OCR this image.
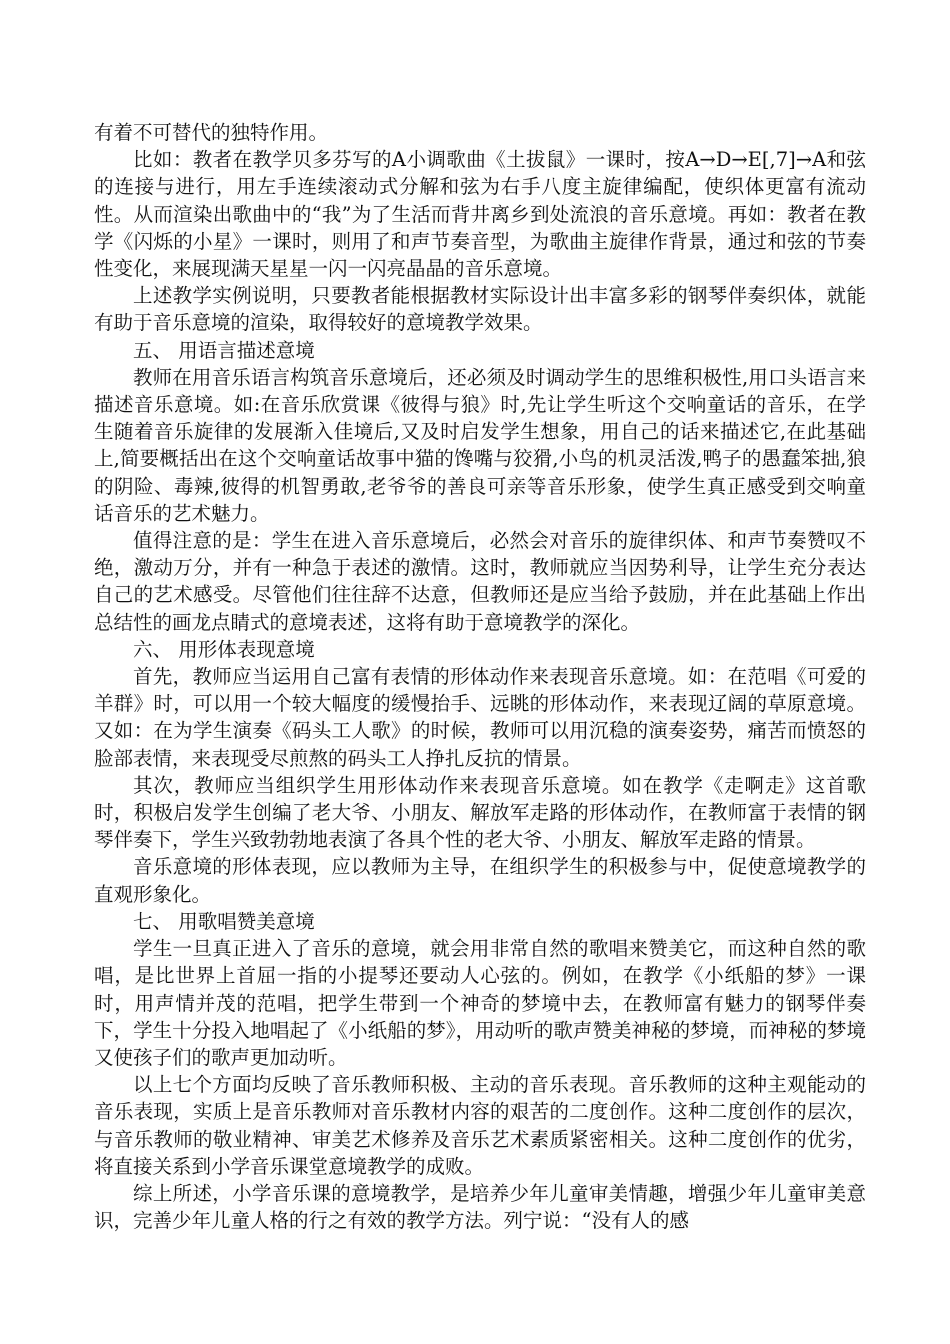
有着不可替代的独特作用。

比如：教者在教学贝多芬写的A小调歌曲《土拔鼠》一课时，按A→D→E[,7]→A和弦的连接与进行，用左手连续滚动式分解和弦为右手八度主旋律编配，使织体更富有流动性。从而渲染出歌曲中的“我”为了生活而背井离乡到处流浪的音乐意境。再如：教者在教学《闪烁的小星》一课时，则用了和声节奏音型，为歌曲主旋律作背景，通过和弦的节奏性变化，来展现满天星星一闪一闪亮晶晶的音乐意境。

上述教学实例说明，只要教者能根据教材实际设计出丰富多彩的钢琴伴奏织体，就能有助于音乐意境的渲染，取得较好的意境教学效果。

五、 用语言描述意境

教师在用音乐语言构筑音乐意境后，还必须及时调动学生的思维积极性,用口头语言来描述音乐意境。如:在音乐欣赏课《彼得与狼》时,先让学生听这个交响童话的音乐，在学生随着音乐旋律的发展渐入佳境后,又及时启发学生想象，用自己的话来描述它,在此基础上,简要概括出在这个交响童话故事中猫的馋嘴与狡猾,小鸟的机灵活泼,鸭子的愚蠢笨拙,狼的阴险、毒辣,彼得的机智勇敢,老爷爷的善良可亲等音乐形象，使学生真正感受到交响童话音乐的艺术魅力。

值得注意的是：学生在进入音乐意境后，必然会对音乐的旋律织体、和声节奏赞叹不绝，激动万分，并有一种急于表述的激情。这时，教师就应当因势利导，让学生充分表达自己的艺术感受。尽管他们往往辞不达意，但教师还是应当给予鼓励，并在此基础上作出总结性的画龙点睛式的意境表述，这将有助于意境教学的深化。

六、 用形体表现意境

首先，教师应当运用自己富有表情的形体动作来表现音乐意境。如：在范唱《可爱的羊群》时，可以用一个较大幅度的缓慢抬手、远眺的形体动作，来表现辽阔的草原意境。又如：在为学生演奏《码头工人歌》的时候，教师可以用沉稳的演奏姿势，痛苦而愤怒的脸部表情，来表现受尽煎熬的码头工人挣扎反抗的情景。

其次，教师应当组织学生用形体动作来表现音乐意境。如在教学《走啊走》这首歌时，积极启发学生创编了老大爷、小朋友、解放军走路的形体动作，在教师富于表情的钢琴伴奏下，学生兴致勃勃地表演了各具个性的老大爷、小朋友、解放军走路的情景。

音乐意境的形体表现，应以教师为主导，在组织学生的积极参与中，促使意境教学的直观形象化。

七、 用歌唱赞美意境

学生一旦真正进入了音乐的意境，就会用非常自然的歌唱来赞美它，而这种自然的歌唱，是比世界上首屈一指的小提琴还要动人心弦的。例如，在教学《小纸船的梦》一课时，用声情并茂的范唱，把学生带到一个神奇的梦境中去，在教师富有魅力的钢琴伴奏下，学生十分投入地唱起了《小纸船的梦》，用动听的歌声赞美神秘的梦境，而神秘的梦境又使孩子们的歌声更加动听。

以上七个方面均反映了音乐教师积极、主动的音乐表现。音乐教师的这种主观能动的音乐表现，实质上是音乐教师对音乐教材内容的艰苦的二度创作。这种二度创作的层次，与音乐教师的敬业精神、审美艺术修养及音乐艺术素质紧密相关。这种二度创作的优劣，将直接关系到小学音乐课堂意境教学的成败。

综上所述，小学音乐课的意境教学，是培养少年儿童审美情趣，增强少年儿童审美意识，完善少年儿童人格的行之有效的教学方法。列宁说：“没有人的感
